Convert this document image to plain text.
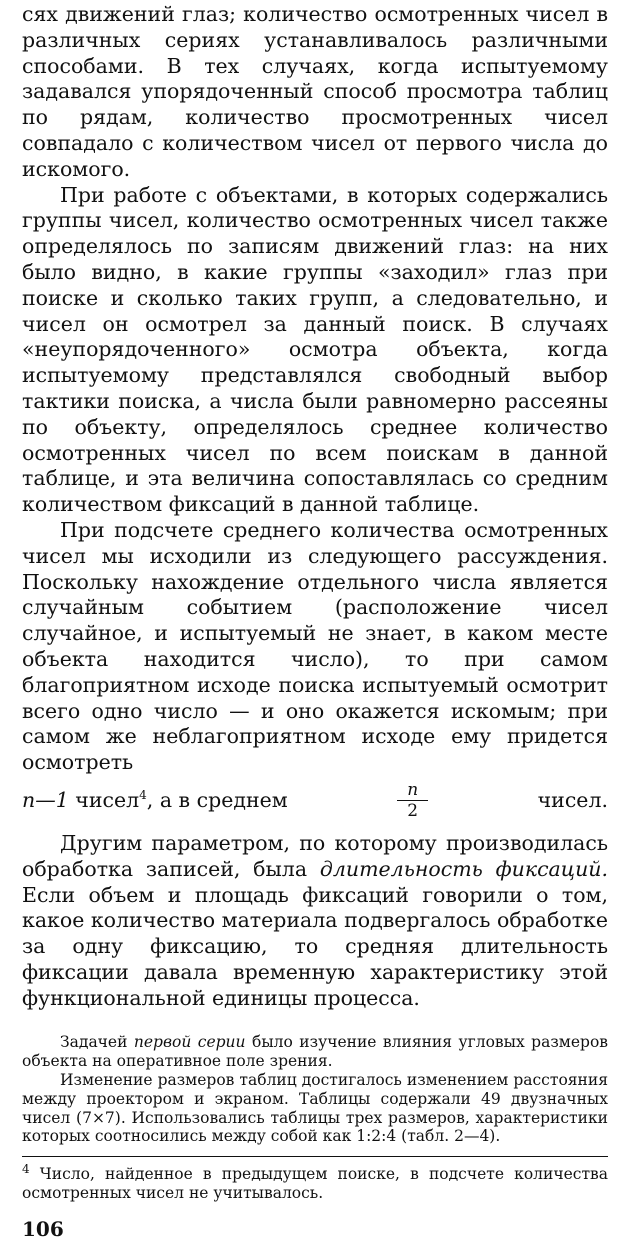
сях движений глаз; количество осмотренных чисел в различных сериях устанавливалось различными способами. В тех случаях, когда испытуемому задавался упорядоченный способ просмотра таблиц по рядам, количество просмотренных чисел совпадало с количеством чисел от первого числа до искомого.

При работе с объектами, в которых содержались группы чисел, количество осмотренных чисел также определялось по записям движений глаз: на них было видно, в какие группы «заходил» глаз при поиске и сколько таких групп, а следовательно, и чисел он осмотрел за данный поиск. В случаях «неупорядоченного» осмотра объекта, когда испытуемому представлялся свободный выбор тактики поиска, а числа были равномерно рассеяны по объекту, определялось среднее количество осмотренных чисел по всем поискам в данной таблице, и эта величина сопоставлялась со средним количеством фиксаций в данной таблице.

При подсчете среднего количества осмотренных чисел мы исходили из следующего рассуждения. Поскольку нахождение отдельного числа является случайным событием (расположение чисел случайное, и испытуемый не знает, в каком месте объекта находится число), то при самом благоприятном исходе поиска испытуемый осмотрит всего одно число — и оно окажется искомым; при самом же неблагоприятном исходе ему придется осмотреть

n—1 чисел$^4$, а в среднем	$\frac{n}{2}$	чисел.

Другим параметром, по которому производилась обработка записей, была длительность фиксаций. Если объем и площадь фиксаций говорили о том, какое количество материала подвергалось обработке за одну фиксацию, то средняя длительность фиксации давала временную характеристику этой функциональной единицы процесса.

Задачей первой серии было изучение влияния угловых размеров объекта на оперативное поле зрения.

Изменение размеров таблиц достигалось изменением расстояния между проектором и экраном. Таблицы содержали 49 двузначных чисел (7×7). Использовались таблицы трех размеров, характеристики которых соотносились между собой как 1:2:4 (табл. 2—4).

$^4$ Число, найденное в предыдущем поиске, в подсчете количества осмотренных чисел не учитывалось.

106
